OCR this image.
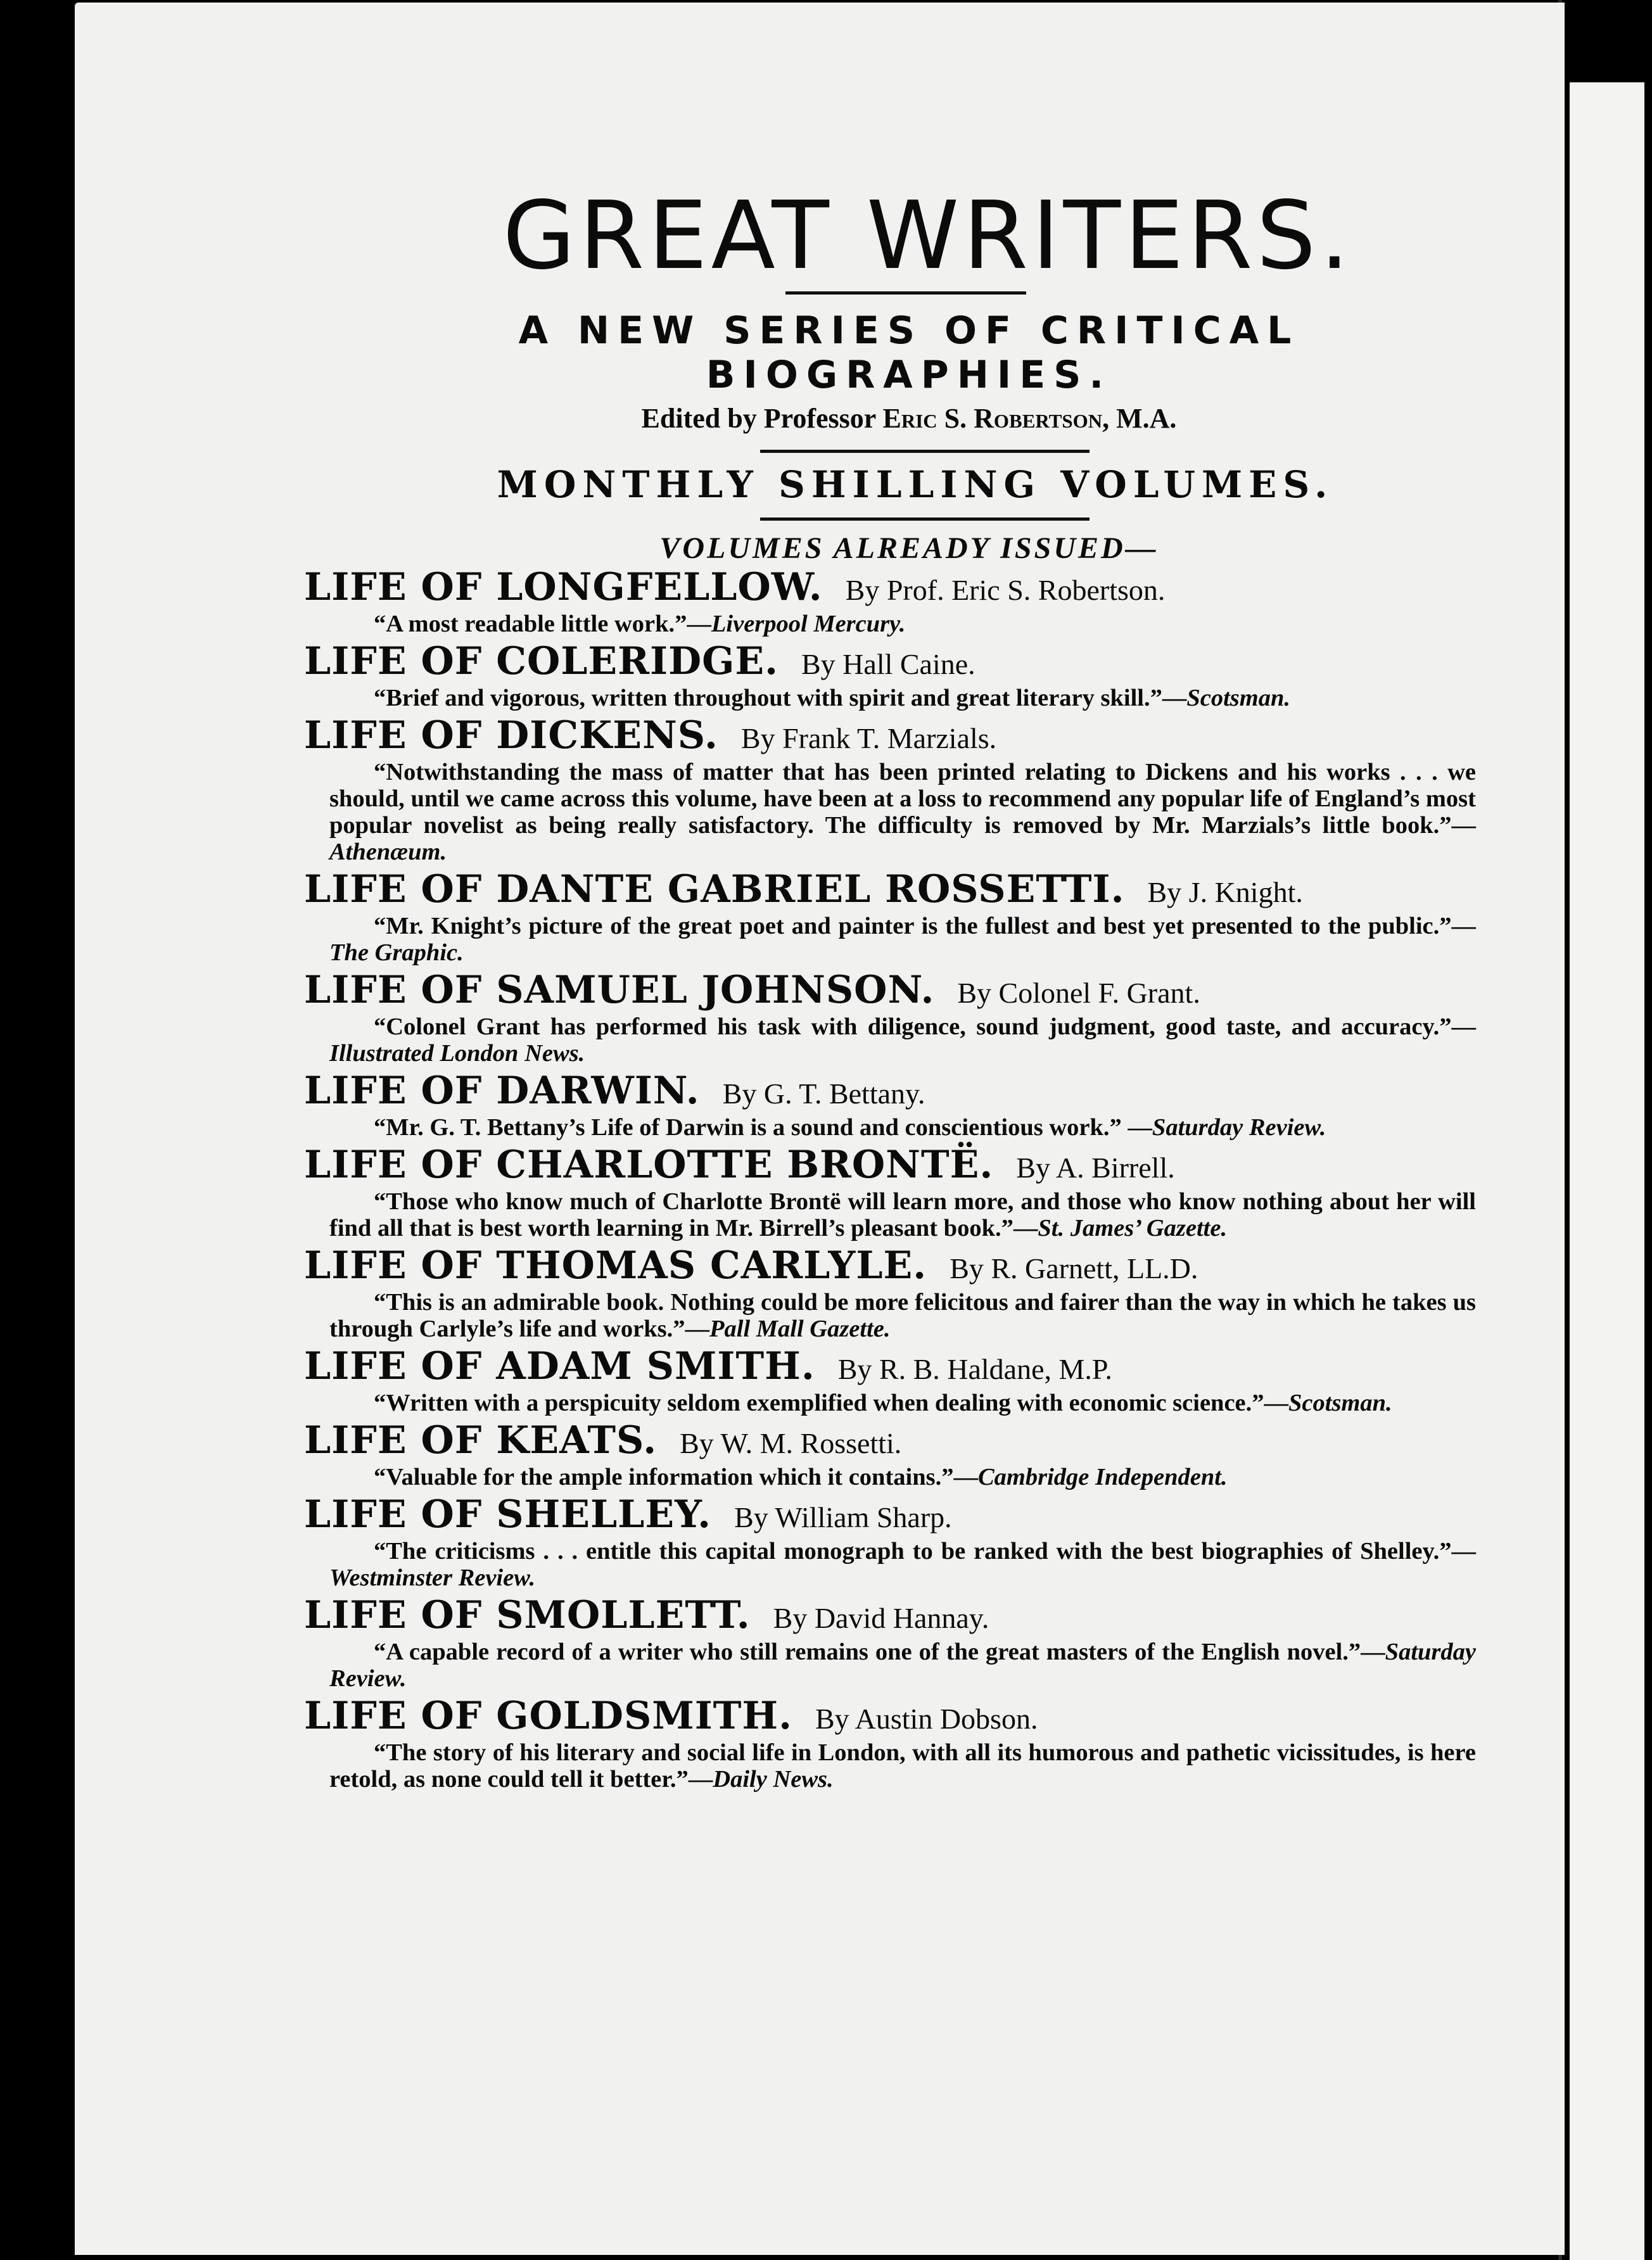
GREAT WRITERS.
A NEW SERIES OF CRITICAL BIOGRAPHIES.
Edited by Professor Eric S. Robertson, M.A.
MONTHLY SHILLING VOLUMES.
VOLUMES ALREADY ISSUED—
LIFE OF LONGFELLOW. By Prof. Eric S. Robertson.

“A most readable little work.”—Liverpool Mercury.

LIFE OF COLERIDGE. By Hall Caine.

“Brief and vigorous, written throughout with spirit and great literary skill.”—Scotsman.

LIFE OF DICKENS. By Frank T. Marzials.

“Notwithstanding the mass of matter that has been printed relating to Dickens and his works . . . we should, until we came across this volume, have been at a loss to recommend any popular life of England’s most popular novelist as being really satisfactory. The difficulty is removed by Mr. Marzials’s little book.”—Athenæum.

LIFE OF DANTE GABRIEL ROSSETTI. By J. Knight.

“Mr. Knight’s picture of the great poet and painter is the fullest and best yet presented to the public.”—The Graphic.

LIFE OF SAMUEL JOHNSON. By Colonel F. Grant.

“Colonel Grant has performed his task with diligence, sound judgment, good taste, and accuracy.”—Illustrated London News.

LIFE OF DARWIN. By G. T. Bettany.

“Mr. G. T. Bettany’s Life of Darwin is a sound and conscientious work.” —Saturday Review.

LIFE OF CHARLOTTE BRONTË. By A. Birrell.

“Those who know much of Charlotte Brontë will learn more, and those who know nothing about her will find all that is best worth learning in Mr. Birrell’s pleasant book.”—St. James’ Gazette.

LIFE OF THOMAS CARLYLE. By R. Garnett, LL.D.

“This is an admirable book. Nothing could be more felicitous and fairer than the way in which he takes us through Carlyle’s life and works.”—Pall Mall Gazette.

LIFE OF ADAM SMITH. By R. B. Haldane, M.P.

“Written with a perspicuity seldom exemplified when dealing with economic science.”—Scotsman.

LIFE OF KEATS. By W. M. Rossetti.

“Valuable for the ample information which it contains.”—Cambridge Independent.

LIFE OF SHELLEY. By William Sharp.

“The criticisms . . . entitle this capital monograph to be ranked with the best biographies of Shelley.”—Westminster Review.

LIFE OF SMOLLETT. By David Hannay.

“A capable record of a writer who still remains one of the great masters of the English novel.”—Saturday Review.

LIFE OF GOLDSMITH. By Austin Dobson.

“The story of his literary and social life in London, with all its humorous and pathetic vicissitudes, is here retold, as none could tell it better.”—Daily News.
